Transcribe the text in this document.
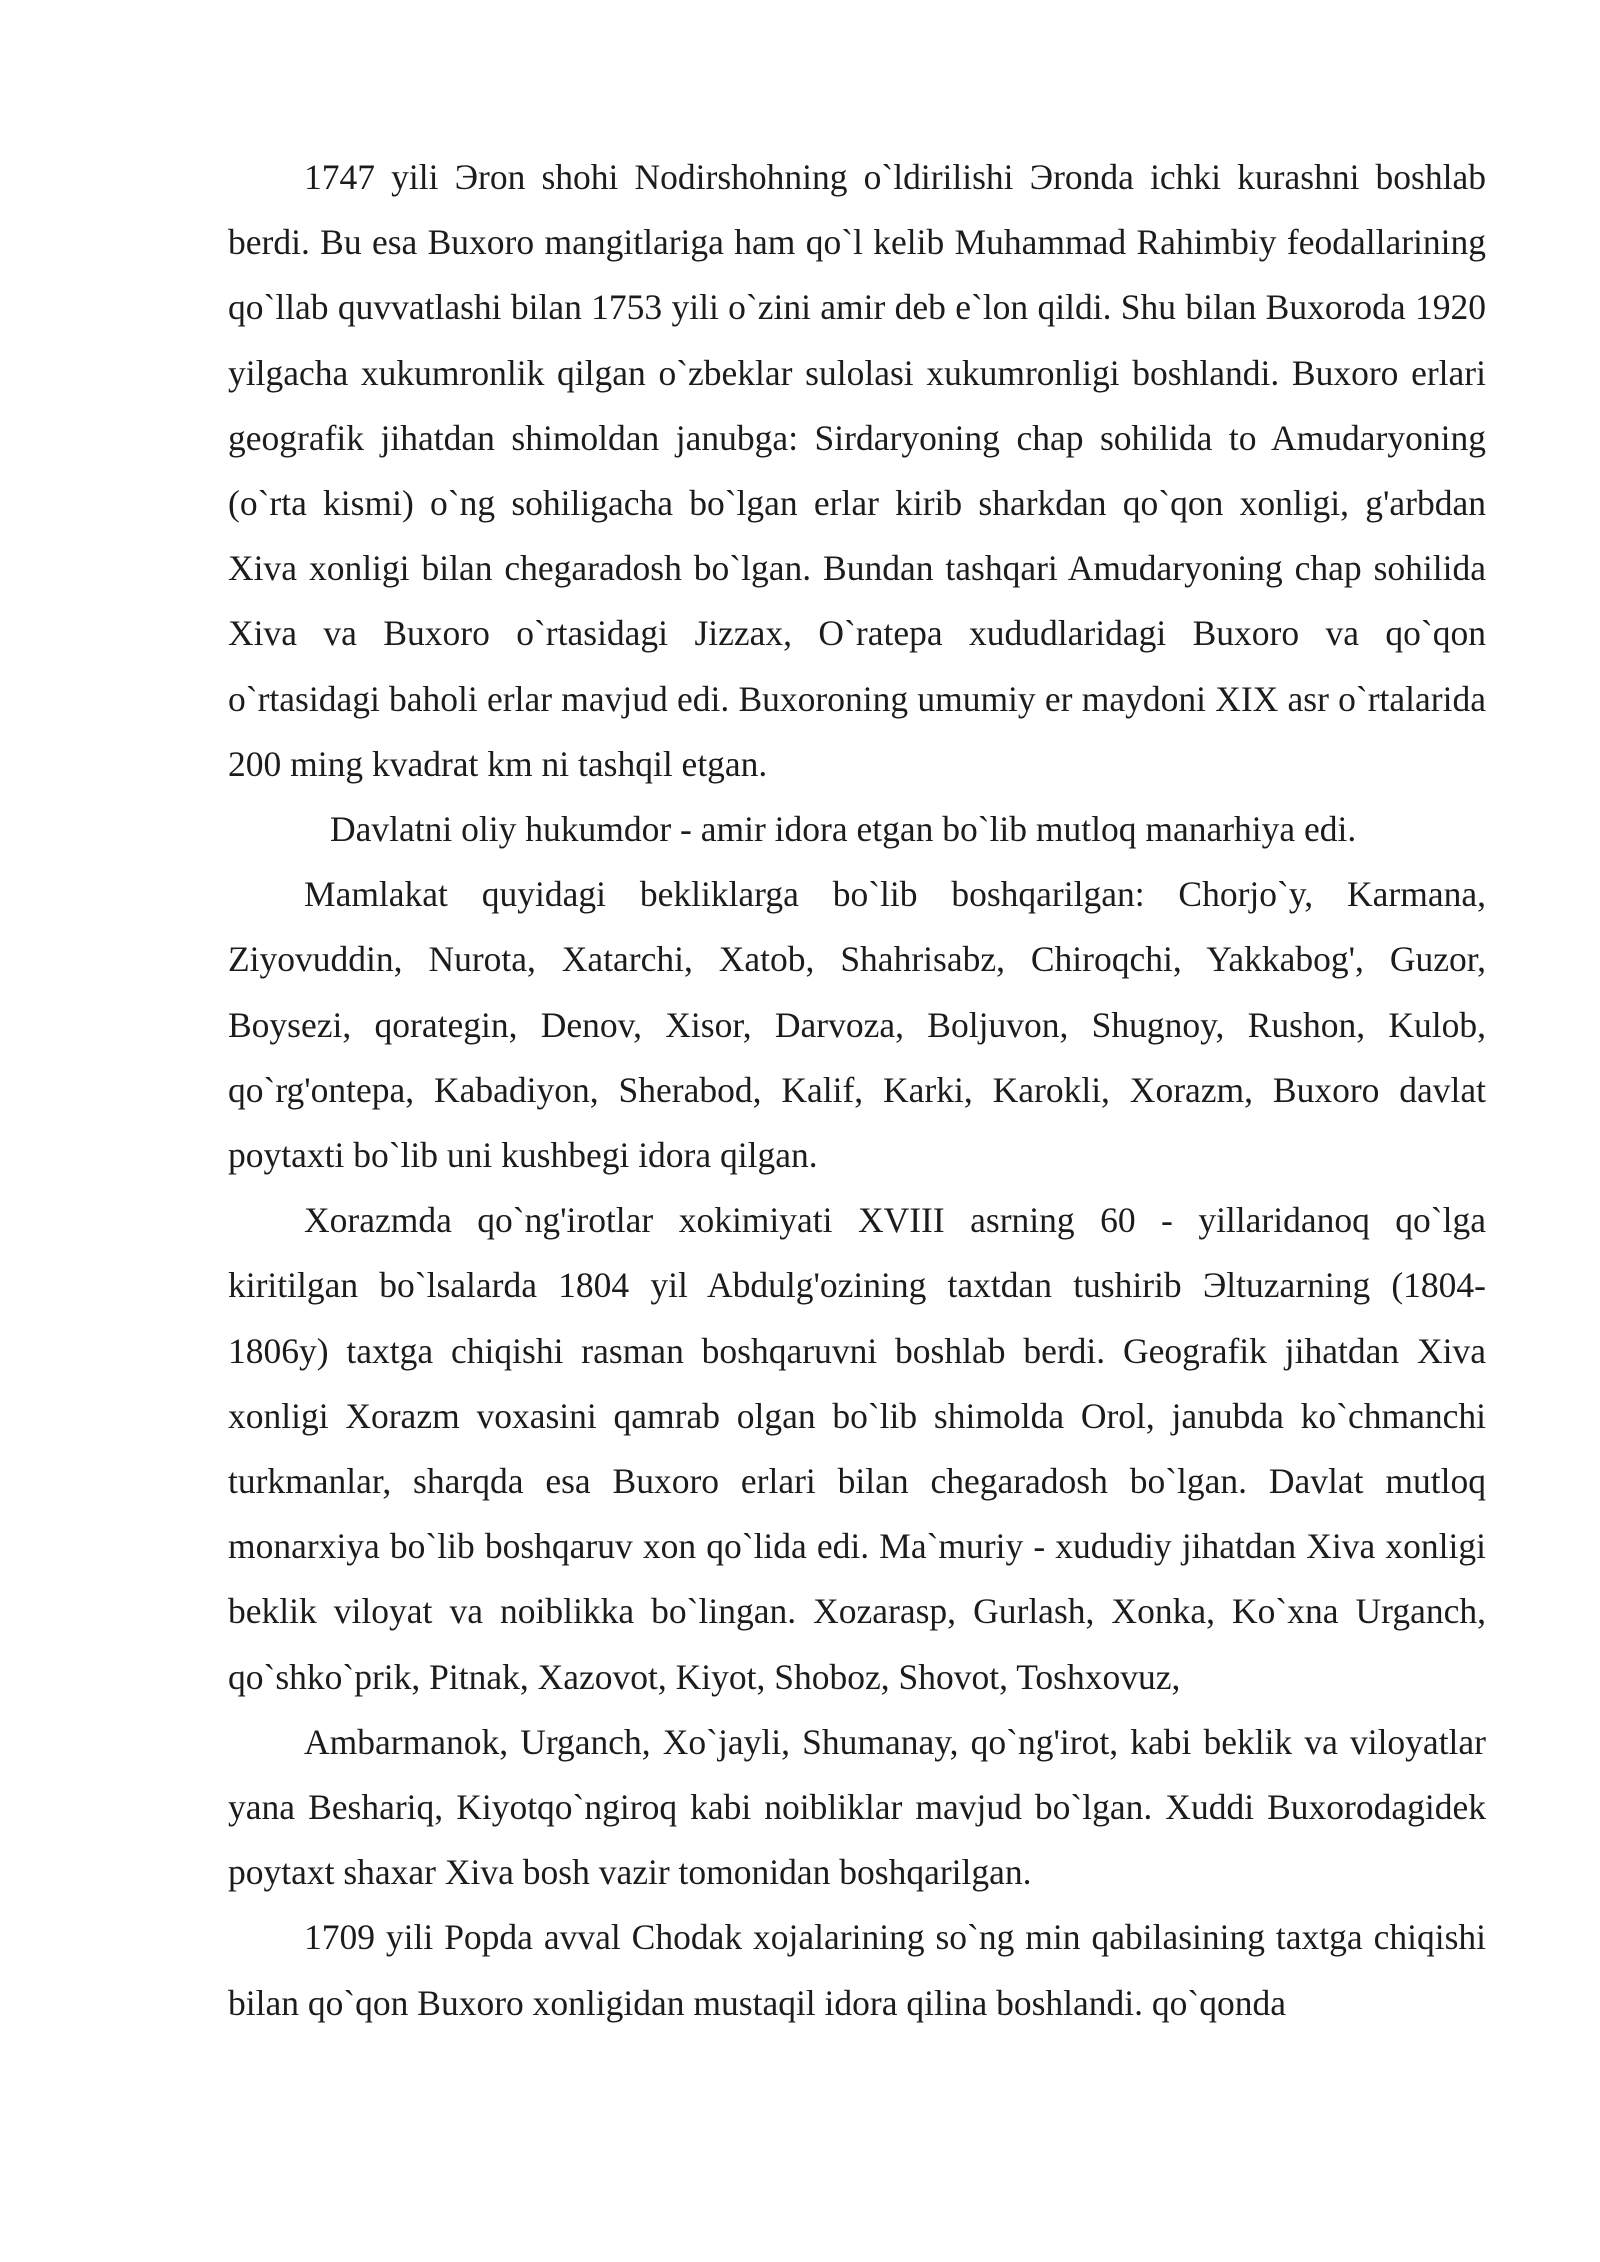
1747 yili Эron shohi Nodirshohning o`ldirilishi Эronda ichki kurashni boshlab berdi. Bu esa Buxoro mangitlariga ham qo`l kelib Muhammad Rahimbiy feodallarining qo`llab quvvatlashi bilan 1753 yili o`zini amir deb e`lon qildi. Shu bilan Buxoroda 1920 yilgacha xukumronlik qilgan o`zbeklar sulolasi xukumronligi boshlandi. Buxoro erlari geografik jihatdan shimoldan janubga: Sirdaryoning chap sohilida to Amudaryoning (o`rta kismi) o`ng sohiligacha bo`lgan erlar kirib sharkdan qo`qon xonligi, g'arbdan Xiva xonligi bilan chegaradosh bo`lgan. Bundan tashqari Amudaryoning chap sohilida Xiva va Buxoro o`rtasidagi Jizzax, O`ratepa xududlaridagi Buxoro va qo`qon o`rtasidagi baholi erlar mavjud edi. Buxoroning umumiy er maydoni XIX asr o`rtalarida 200 ming kvadrat km ni tashqil etgan.

Davlatni oliy hukumdor - amir idora etgan bo`lib mutloq manarhiya edi.

Mamlakat quyidagi bekliklarga bo`lib boshqarilgan: Chorjo`y, Karmana, Ziyovuddin, Nurota, Xatarchi, Xatob, Shahrisabz, Chiroqchi, Yakkabog', Guzor, Boysezi, qorategin, Denov, Xisor, Darvoza, Boljuvon, Shugnoy, Rushon, Kulob, qo`rg'ontepa, Kabadiyon, Sherabod, Kalif, Karki, Karokli, Xorazm, Buxoro davlat poytaxti bo`lib uni kushbegi idora qilgan.

Xorazmda qo`ng'irotlar xokimiyati XVIII asrning 60 - yillaridanoq qo`lga kiritilgan bo`lsalarda 1804 yil Abdulg'ozining taxtdan tushirib Эltuzarning (1804-1806y) taxtga chiqishi rasman boshqaruvni boshlab berdi. Geografik jihatdan Xiva xonligi Xorazm voxasini qamrab olgan bo`lib shimolda Orol, janubda ko`chmanchi turkmanlar, sharqda esa Buxoro erlari bilan chegaradosh bo`lgan. Davlat mutloq monarxiya bo`lib boshqaruv xon qo`lida edi. Ma`muriy - xududiy jihatdan Xiva xonligi beklik viloyat va noiblikka bo`lingan. Xozarasp, Gurlash, Xonka, Ko`xna Urganch, qo`shko`prik, Pitnak, Xazovot, Kiyot, Shoboz, Shovot, Toshxovuz,

Ambarmanok, Urganch, Xo`jayli, Shumanay, qo`ng'irot, kabi beklik va viloyatlar yana Beshariq, Kiyotqo`ngiroq kabi noibliklar mavjud bo`lgan. Xuddi Buxorodagidek poytaxt shaxar Xiva bosh vazir tomonidan boshqarilgan.

1709 yili Popda avval Chodak xojalarining so`ng min qabilasining taxtga chiqishi bilan qo`qon Buxoro xonligidan mustaqil idora qilina boshlandi. qo`qonda
